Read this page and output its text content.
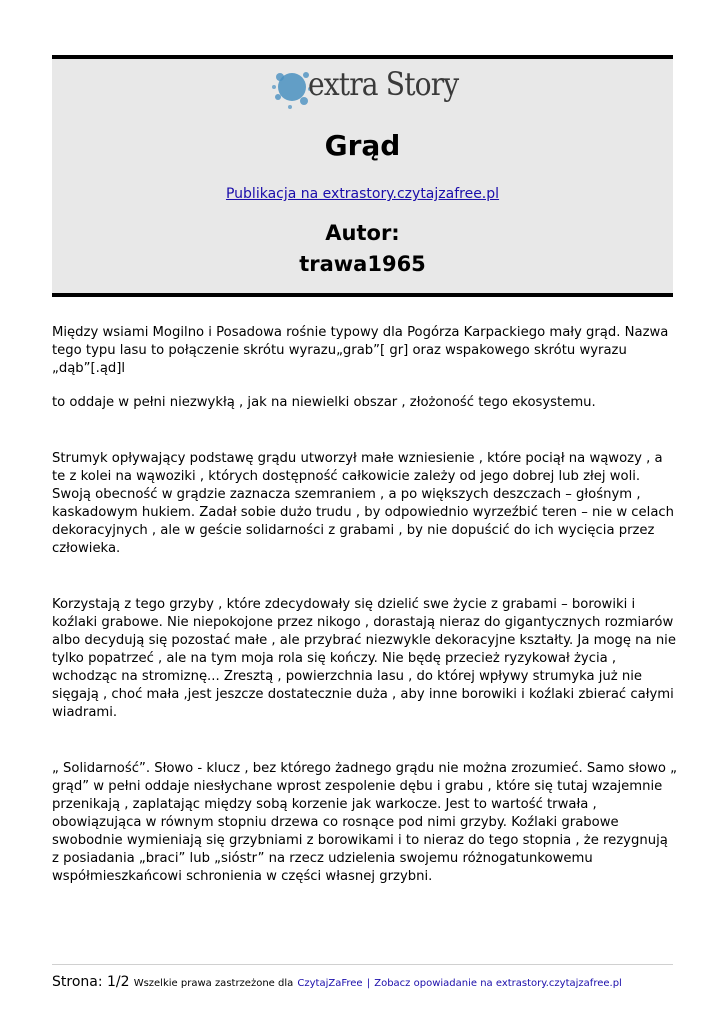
extra Story
Grąd
Publikacja na extrastory.czytajzafree.pl
Autor:
trawa1965

Między wsiami Mogilno i Posadowa rośnie typowy dla Pogórza Karpackiego mały grąd. Nazwa tego typu lasu to połączenie skrótu wyrazu„grab”[ gr] oraz wspakowego skrótu wyrazu „dąb”[.ąd]l

to oddaje w pełni niezwykłą , jak na niewielki obszar , złożoność tego ekosystemu.

Strumyk opływający podstawę grądu utworzył małe wzniesienie , które pociął na wąwozy , a te z kolei na wąwoziki , których dostępność całkowicie zależy od jego dobrej lub złej woli. Swoją obecność w grądzie zaznacza szemraniem , a po większych deszczach – głośnym , kaskadowym hukiem. Zadał sobie dużo trudu , by odpowiednio wyrzeźbić teren – nie w celach dekoracyjnych , ale w geście solidarności z grabami , by nie dopuścić do ich wycięcia przez człowieka.

Korzystają z tego grzyby , które zdecydowały się dzielić swe życie z grabami – borowiki i koźlaki grabowe. Nie niepokojone przez nikogo , dorastają nieraz do gigantycznych rozmiarów albo decydują się pozostać małe , ale przybrać niezwykle dekoracyjne kształty. Ja mogę na nie tylko popatrzeć , ale na tym moja rola się kończy. Nie będę przecież ryzykował życia , wchodząc na stromiznę... Zresztą , powierzchnia lasu , do której wpływy strumyka już nie sięgają , choć mała ,jest jeszcze dostatecznie duża , aby inne borowiki i koźlaki zbierać całymi wiadrami.

„ Solidarność”. Słowo - klucz , bez którego żadnego grądu nie można zrozumieć. Samo słowo „ grąd” w pełni oddaje niesłychane wprost zespolenie dębu i grabu , które się tutaj wzajemnie przenikają , zaplatając między sobą korzenie jak warkocze. Jest to wartość trwała , obowiązująca w równym stopniu drzewa co rosnące pod nimi grzyby. Koźlaki grabowe swobodnie wymieniają się grzybniami z borowikami i to nieraz do tego stopnia , że rezygnują z posiadania „braci” lub „sióstr” na rzecz udzielenia swojemu różnogatunkowemu współmieszkańcowi schronienia w części własnej grzybni.

Strona: 1/2 Wszelkie prawa zastrzeżone dla CzytajZaFree | Zobacz opowiadanie na extrastory.czytajzafree.pl
